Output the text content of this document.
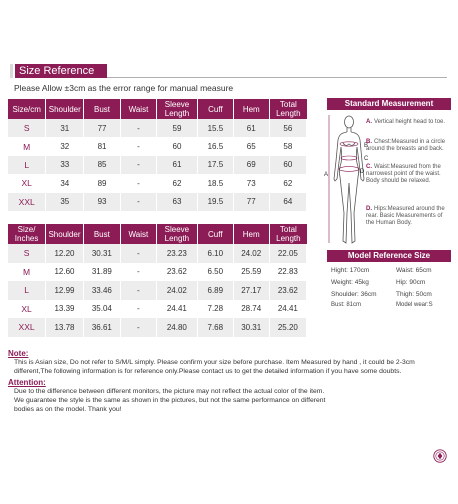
Size Reference
Please Allow ±3cm as the error range for manual measure
Size/cm	Shoulder	Bust	Waist	Sleeve Length	Cuff	Hem	Total Length
S	31	77	-	59	15.5	61	56
M	32	81	-	60	16.5	65	58
L	33	85	-	61	17.5	69	60
XL	34	89	-	62	18.5	73	62
XXL	35	93	-	63	19.5	77	64
Size/ Inches	Shoulder	Bust	Waist	Sleeve Length	Cuff	Hem	Total Length
S	12.20	30.31	-	23.23	6.10	24.02	22.05
M	12.60	31.89	-	23.62	6.50	25.59	22.83
L	12.99	33.46	-	24.02	6.89	27.17	23.62
XL	13.39	35.04	-	24.41	7.28	28.74	24.41
XXL	13.78	36.61	-	24.80	7.68	30.31	25.20
Standard Measurement
B
C
A	D
A. Vertical height head to toe.
B. Chest:Measured in a circle around the breasts and back.
C. Waist:Measured from the narrowest point of the waist. Body should be relaxed.
D. Hips:Measured around the rear. Basic Measurements of the Human Body.
Model Reference Size
Hight: 170cm
Weight: 45kg
Shoulder: 36cm
Bust: 81cm
Waist: 65cm
Hip: 90cm
Thigh: 50cm
Model wear:S
Note:
This is Asian size, Do not refer to S/M/L simply. Please confirm your size before purchase. Item Measured by hand , it could be 2-3cm
different,The following information is for reference only.Please contact us to get the detailed information if you have some doubts.
Attention:
Due to the difference between different monitors, the picture may not reflect the actual color of the item.
We guarantee the style is the same as shown in the pictures, but not the same performance on different
bodies as on the model. Thank you!
